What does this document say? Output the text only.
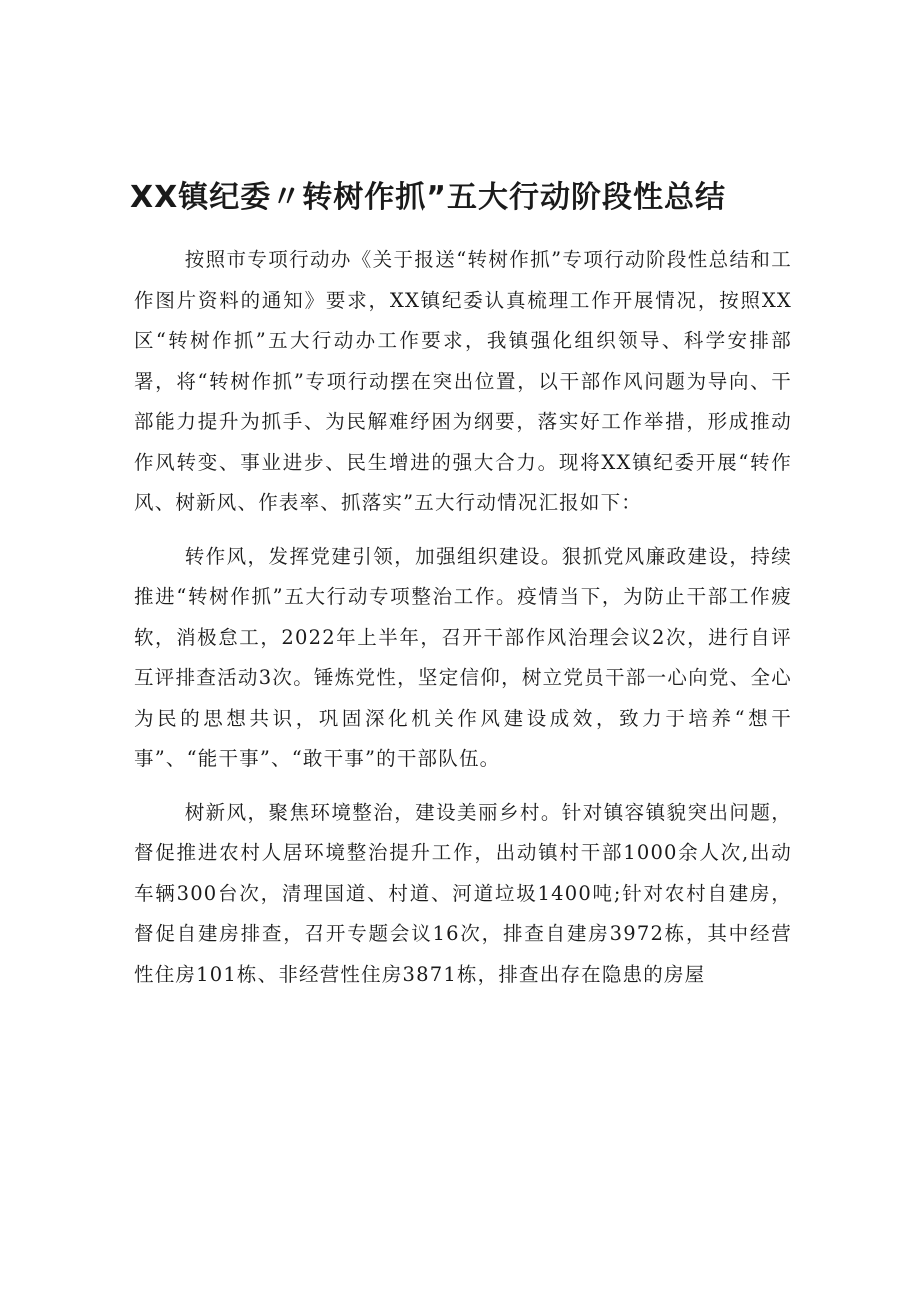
XX镇纪委〃转树作抓”五大行动阶段性总结

按照市专项行动办《关于报送“转树作抓”专项行动阶段性总结和工作图片资料的通知》要求，XX镇纪委认真梳理工作开展情况，按照XX区“转树作抓”五大行动办工作要求，我镇强化组织领导、科学安排部署，将“转树作抓”专项行动摆在突出位置，以干部作风问题为导向、干部能力提升为抓手、为民解难纾困为纲要，落实好工作举措，形成推动作风转变、事业进步、民生增进的强大合力。现将XX镇纪委开展“转作风、树新风、作表率、抓落实”五大行动情况汇报如下：

转作风，发挥党建引领，加强组织建设。狠抓党风廉政建设，持续推进“转树作抓”五大行动专项整治工作。疫情当下，为防止干部工作疲软，消极怠工，2022年上半年，召开干部作风治理会议2次，进行自评互评排查活动3次。锤炼党性，坚定信仰，树立党员干部一心向党、全心为民的思想共识，巩固深化机关作风建设成效，致力于培养“想干事”、“能干事”、“敢干事”的干部队伍。

树新风，聚焦环境整治，建设美丽乡村。针对镇容镇貌突出问题，督促推进农村人居环境整治提升工作，出动镇村干部1000余人次,出动车辆300台次，清理国道、村道、河道垃圾1400吨;针对农村自建房，督促自建房排查，召开专题会议16次，排查自建房3972栋，其中经营性住房101栋、非经营性住房3871栋，排查出存在隐患的房屋
